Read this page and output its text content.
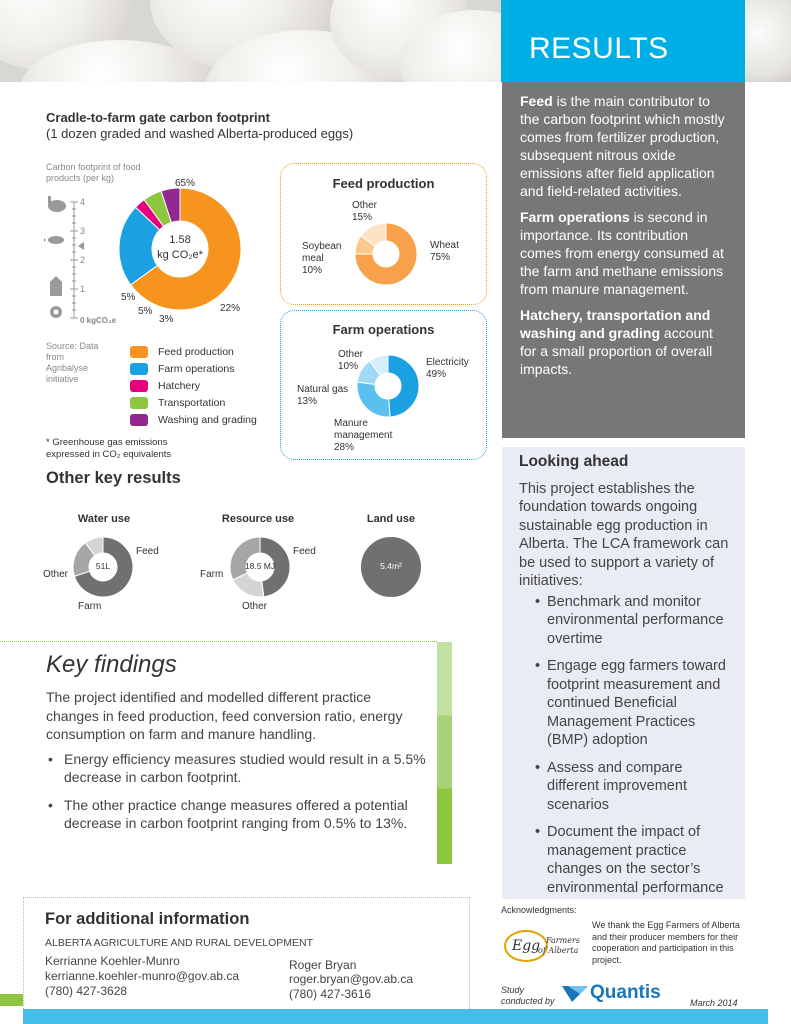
RESULTS

Feed is the main contributor to the carbon footprint which mostly comes from fertilizer production, subsequent nitrous oxide emissions after field application and field-related activities.

Farm operations is second in importance. Its contribution comes from energy consumed at the farm and methane emissions from manure management.

Hatchery, transportation and washing and grading account for a small proportion of overall impacts.

Looking ahead
This project establishes the foundation towards ongoing sustainable egg production in Alberta. The LCA framework can be used to support a variety of initiatives:
• Benchmark and monitor environmental performance overtime
• Engage egg farmers toward footprint measurement and continued Beneficial Management Practices (BMP) adoption
• Assess and compare different improvement scenarios
• Document the impact of management practice changes on the sector’s environmental performance
Cradle-to-farm gate carbon footprint
(1 dozen graded and washed Alberta-produced eggs)
Carbon footprint of food products (per kg)
4
3
2
1
0 kgCO₂e
Source: Data from Agribalyse initiative
1.58
kg CO₂e*
65%
22%
3%
5%
5%
Feed production
Farm operations
Hatchery
Transportation
Washing and grading
* Greenhouse gas emissions
expressed in CO₂ equivalents
Feed production
✽
Other
15%
Soybean meal
10%
Wheat
75%
Farm operations
⌂
Other
10%	Electricity
49%
Natural gas
13%
Manure management
28%
Other key results
Water use
51L
Feed
Other
Farm
Resource use
18.5 MJ
Feed
Farm
Other
Land use
5.4m²
Key findings
The project identified and modelled different practice changes in feed production, feed conversion ratio, energy consumption on farm and manure handling.
• Energy efficiency measures studied would result in a 5.5% decrease in carbon footprint.
• The other practice change measures offered a potential decrease in carbon footprint ranging from 0.5% to 13%.
For additional information
ALBERTA AGRICULTURE AND RURAL DEVELOPMENT
Kerrianne Koehler-Munro
kerrianne.koehler-munro@gov.ab.ca
(780) 427-3628
Roger Bryan
roger.bryan@gov.ab.ca
(780) 427-3616
Acknowledgments:
We thank the Egg Farmers of Alberta and their producer members for their cooperation and participation in this project.
Egg Farmers
of Alberta
Study conducted by	Quantis	March 2014
